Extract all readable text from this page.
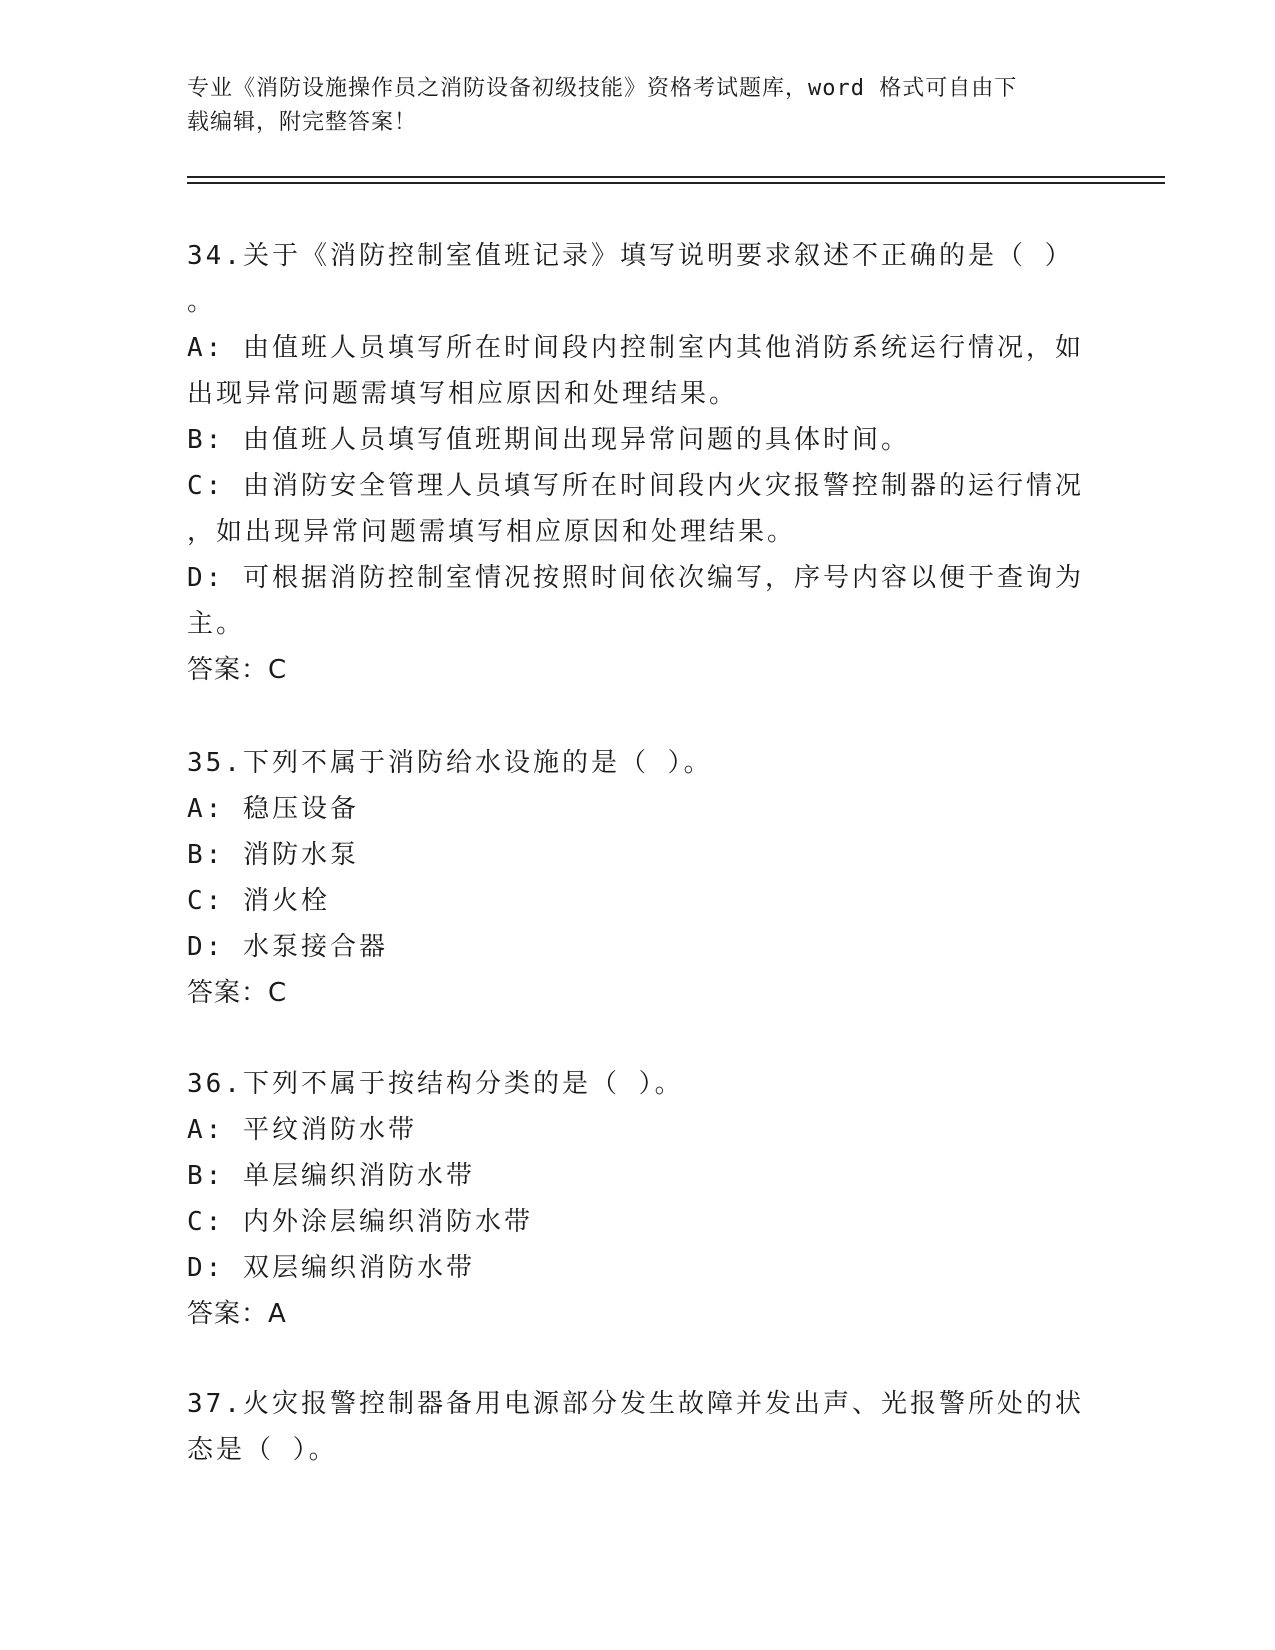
专业《消防设施操作员之消防设备初级技能》资格考试题库，word 格式可自由下
载编辑，附完整答案！
34.关于《消防控制室值班记录》填写说明要求叙述不正确的是（ ）
。
A: 由值班人员填写所在时间段内控制室内其他消防系统运行情况，如
出现异常问题需填写相应原因和处理结果。
B: 由值班人员填写值班期间出现异常问题的具体时间。
C: 由消防安全管理人员填写所在时间段内火灾报警控制器的运行情况
，如出现异常问题需填写相应原因和处理结果。
D: 可根据消防控制室情况按照时间依次编写，序号内容以便于查询为
主。
答案：C
35.下列不属于消防给水设施的是（ ）。
A: 稳压设备
B: 消防水泵
C: 消火栓
D: 水泵接合器
答案：C
36.下列不属于按结构分类的是（ ）。
A: 平纹消防水带
B: 单层编织消防水带
C: 内外涂层编织消防水带
D: 双层编织消防水带
答案：A
37.火灾报警控制器备用电源部分发生故障并发出声、光报警所处的状
态是（ ）。
